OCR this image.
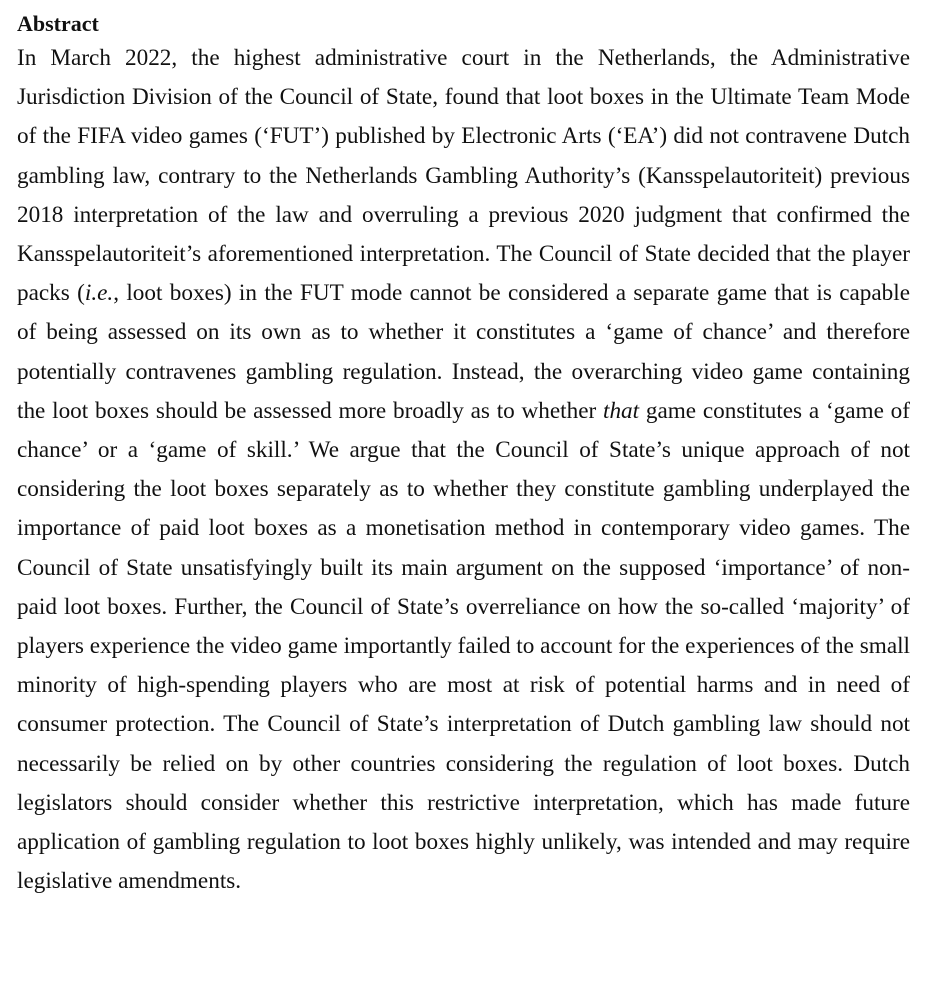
Abstract

In March 2022, the highest administrative court in the Netherlands, the Administrative Jurisdiction Division of the Council of State, found that loot boxes in the Ultimate Team Mode of the FIFA video games (‘FUT’) published by Electronic Arts (‘EA’) did not contravene Dutch gambling law, contrary to the Netherlands Gambling Authority’s (Kansspelautoriteit) previous 2018 interpretation of the law and overruling a previous 2020 judgment that confirmed the Kansspelautoriteit’s aforementioned interpretation. The Council of State decided that the player packs (i.e., loot boxes) in the FUT mode cannot be considered a separate game that is capable of being assessed on its own as to whether it constitutes a ‘game of chance’ and therefore potentially contravenes gambling regulation. Instead, the overarching video game containing the loot boxes should be assessed more broadly as to whether that game constitutes a ‘game of chance’ or a ‘game of skill.’ We argue that the Council of State’s unique approach of not considering the loot boxes separately as to whether they constitute gambling underplayed the importance of paid loot boxes as a monetisation method in contemporary video games. The Council of State unsatisfyingly built its main argument on the supposed ‘importance’ of non-paid loot boxes. Further, the Council of State’s overreliance on how the so-called ‘majority’ of players experience the video game importantly failed to account for the experiences of the small minority of high-spending players who are most at risk of potential harms and in need of consumer protection. The Council of State’s interpretation of Dutch gambling law should not necessarily be relied on by other countries considering the regulation of loot boxes. Dutch legislators should consider whether this restrictive interpretation, which has made future application of gambling regulation to loot boxes highly unlikely, was intended and may require legislative amendments.
